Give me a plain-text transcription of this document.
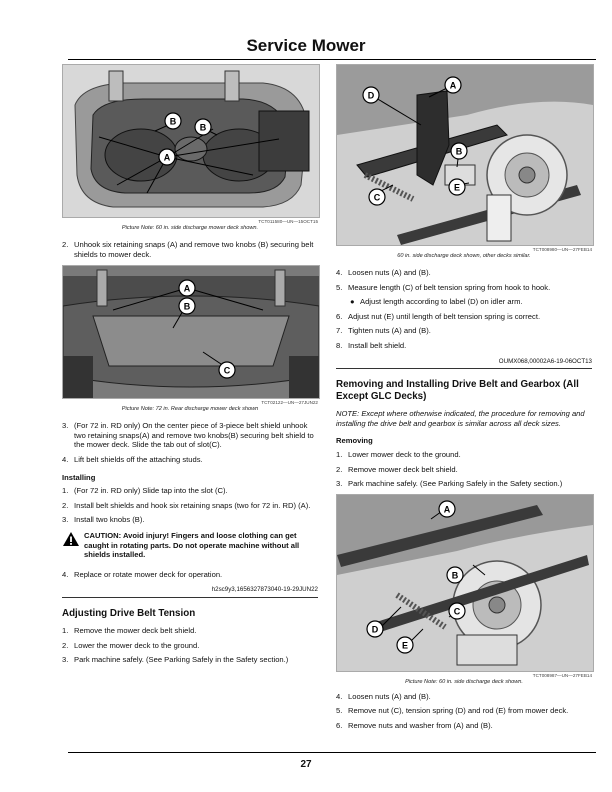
Service Mower
A
B
B
TCT011580—UN—15OCT15
Picture Note: 60 in. side discharge mower deck shown.
2. Unhook six retaining snaps (A) and remove two knobs (B) securing belt shields to mower deck.
A
B
C
TCT02122—UN—27JUN22
Picture Note: 72 in. Rear discharge mower deck shown
3. (For 72 in. RD only) On the center piece of 3-piece belt shield unhook two retaining snaps(A) and remove two knobs(B) securing belt shield to the mower deck. Slide the tab out of slot(C).
4. Lift belt shields off the attaching studs.
Installing
1. (For 72 in. RD only) Slide tap into the slot (C).
2. Install belt shields and hook six retaining snaps (two for 72 in. RD) (A).
3. Install two knobs (B).
CAUTION: Avoid injury! Fingers and loose clothing can get caught in rotating parts. Do not operate machine without all shields installed.
4. Replace or rotate mower deck for operation.
h2sc9y3,1656327873040-19-29JUN22
Adjusting Drive Belt Tension
1. Remove the mower deck belt shield.
2. Lower the mower deck to the ground.
3. Park machine safely. (See Parking Safely in the Safety section.)
A
D
B
C
E
TCT008980—UN—27FEB14
60 in. side discharge deck shown, other decks similar.
4. Loosen nuts (A) and (B).
5. Measure length (C) of belt tension spring from hook to hook.
● Adjust length according to label (D) on idler arm.
6. Adjust nut (E) until length of belt tension spring is correct.
7. Tighten nuts (A) and (B).
8. Install belt shield.
OUMX068,00002A6-19-06OCT13
Removing and Installing Drive Belt and Gearbox (All Except GLC Decks)
NOTE: Except where otherwise indicated, the procedure for removing and installing the drive belt and gearbox is similar across all deck sizes.
Removing
1. Lower mower deck to the ground.
2. Remove mower deck belt shield.
3. Park machine safely. (See Parking Safely in the Safety section.)
A
B
C
D
E
TCT008987—UN—27FEB14
Picture Note: 60 in. side discharge deck shown.
4. Loosen nuts (A) and (B).
5. Remove nut (C), tension spring (D) and rod (E) from mower deck.
6. Remove nuts and washer from (A) and (B).
27
